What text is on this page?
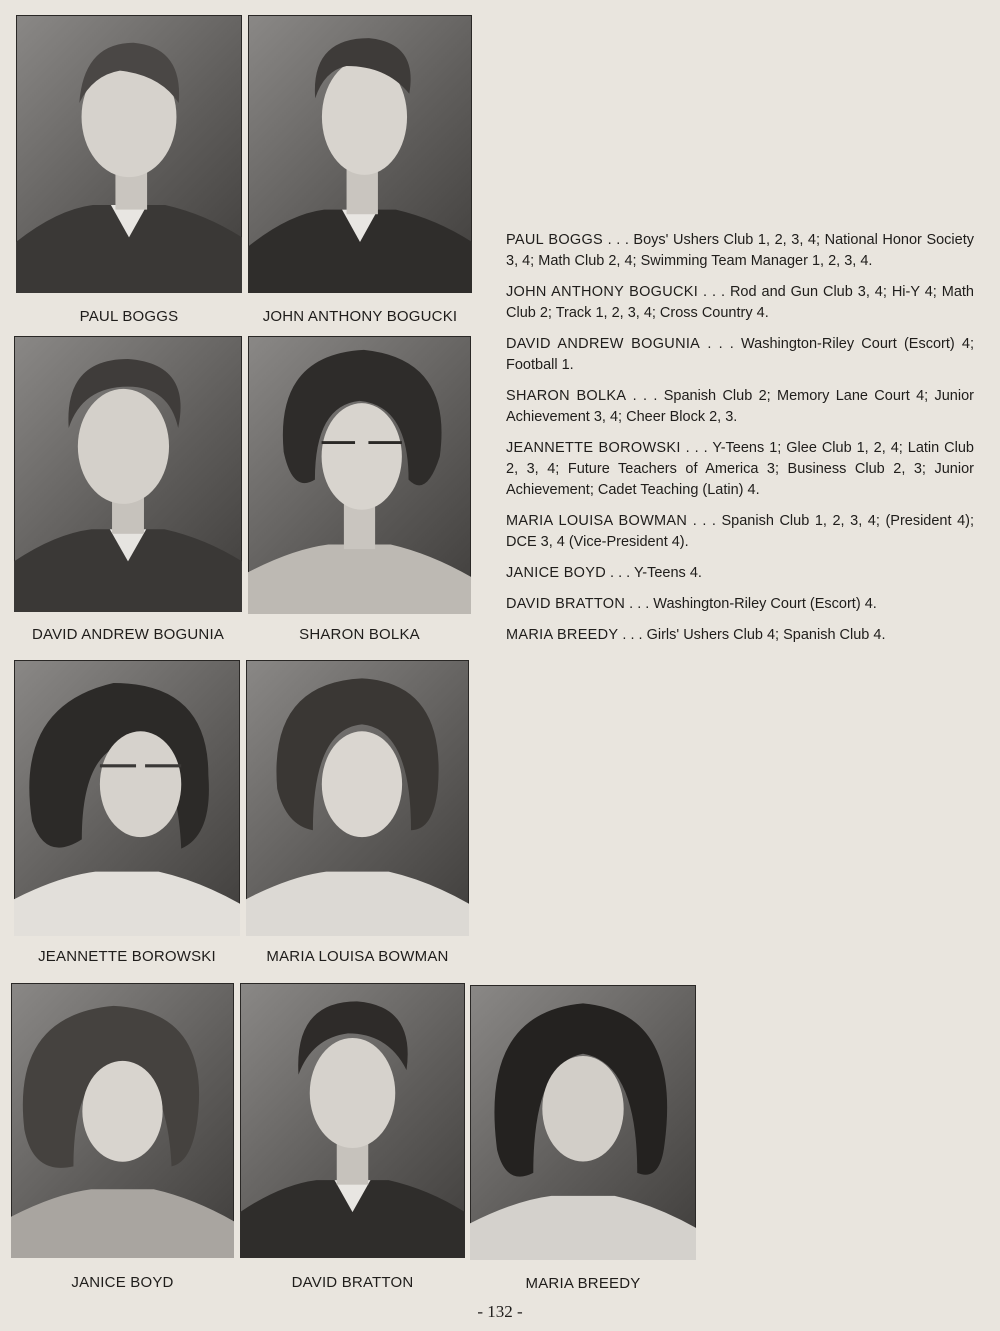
PAUL BOGGS	JOHN ANTHONY BOGUCKI
DAVID ANDREW BOGUNIA	SHARON BOLKA
JEANNETTE BOROWSKI	MARIA LOUISA BOWMAN
JANICE BOYD	DAVID BRATTON	MARIA BREEDY

PAUL BOGGS . . . Boys' Ushers Club 1, 2, 3, 4; National Honor Society 3, 4; Math Club 2, 4; Swimming Team Manager 1, 2, 3, 4.

JOHN ANTHONY BOGUCKI . . . Rod and Gun Club 3, 4; Hi-Y 4; Math Club 2; Track 1, 2, 3, 4; Cross Country 4.

DAVID ANDREW BOGUNIA . . . Washington-Riley Court (Escort) 4; Football 1.

SHARON BOLKA . . . Spanish Club 2; Memory Lane Court 4; Junior Achievement 3, 4; Cheer Block 2, 3.

JEANNETTE BOROWSKI . . . Y-Teens 1; Glee Club 1, 2, 4; Latin Club 2, 3, 4; Future Teachers of America 3; Business Club 2, 3; Junior Achievement; Cadet Teaching (Latin) 4.

MARIA LOUISA BOWMAN . . . Spanish Club 1, 2, 3, 4; (President 4); DCE 3, 4 (Vice-President 4).

JANICE BOYD . . . Y-Teens 4.

DAVID BRATTON . . . Washington-Riley Court (Escort) 4.

MARIA BREEDY . . . Girls' Ushers Club 4; Spanish Club 4.

- 132 -
